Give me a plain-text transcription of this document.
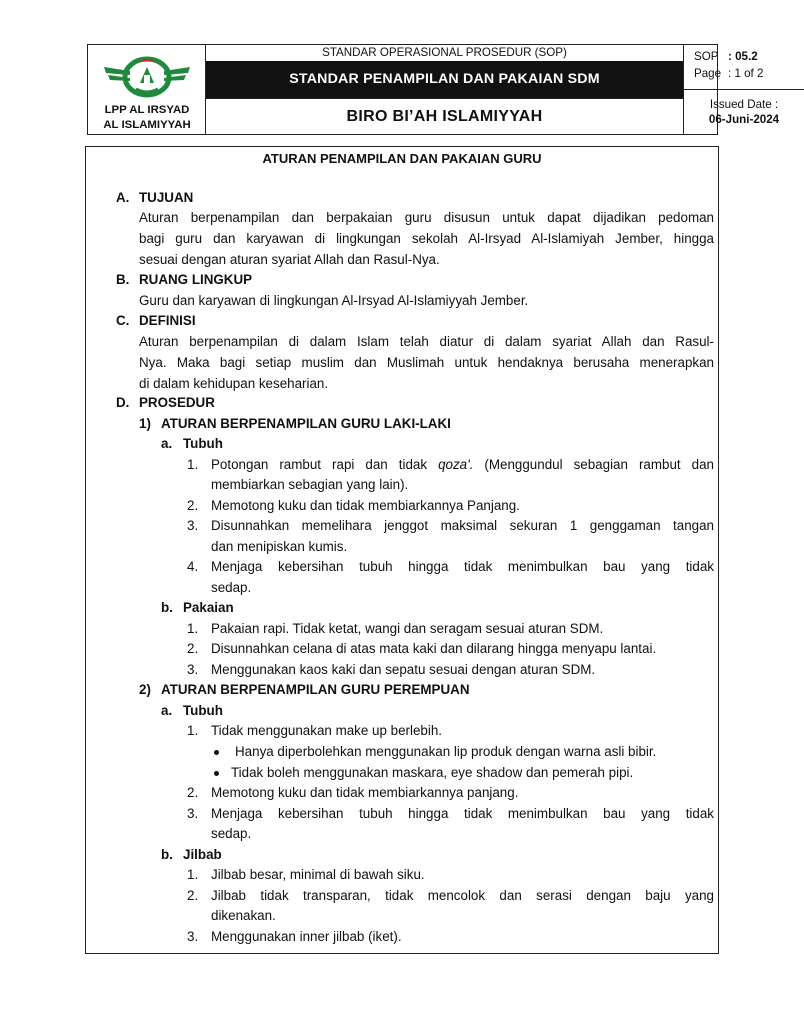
LPP AL IRSYAD
AL ISLAMIYYAH
STANDAR OPERASIONAL PROSEDUR (SOP)
STANDAR PENAMPILAN DAN PAKAIAN SDM
BIRO BI’AH ISLAMIYYAH
SOP : 05.2
Page : 1 of 2
Issued Date :
06-Juni-2024
ATURAN PENAMPILAN DAN PAKAIAN GURU
A. TUJUAN
Aturan berpenampilan dan berpakaian guru disusun untuk dapat dijadikan pedoman
bagi guru dan karyawan di lingkungan sekolah Al-Irsyad Al-Islamiyah Jember, hingga
sesuai dengan aturan syariat Allah dan Rasul-Nya.
B. RUANG LINGKUP
Guru dan karyawan di lingkungan Al-Irsyad Al-Islamiyyah Jember.
C. DEFINISI
Aturan berpenampilan di dalam Islam telah diatur di dalam syariat Allah dan Rasul-
Nya. Maka bagi setiap muslim dan Muslimah untuk hendaknya berusaha menerapkan
di dalam kehidupan keseharian.
D. PROSEDUR
1) ATURAN BERPENAMPILAN GURU LAKI-LAKI
a. Tubuh
1. Potongan rambut rapi dan tidak qoza'. (Menggundul sebagian rambut dan
membiarkan sebagian yang lain).
2. Memotong kuku dan tidak membiarkannya Panjang.
3. Disunnahkan memelihara jenggot maksimal sekuran 1 genggaman tangan
dan menipiskan kumis.
4. Menjaga kebersihan tubuh hingga tidak menimbulkan bau yang tidak
sedap.
b. Pakaian
1. Pakaian rapi. Tidak ketat, wangi dan seragam sesuai aturan SDM.
2. Disunnahkan celana di atas mata kaki dan dilarang hingga menyapu lantai.
3. Menggunakan kaos kaki dan sepatu sesuai dengan aturan SDM.
2) ATURAN BERPENAMPILAN GURU PEREMPUAN
a. Tubuh
1. Tidak menggunakan make up berlebih.
Hanya diperbolehkan menggunakan lip produk dengan warna asli bibir.
Tidak boleh menggunakan maskara, eye shadow dan pemerah pipi.
2. Memotong kuku dan tidak membiarkannya panjang.
3. Menjaga kebersihan tubuh hingga tidak menimbulkan bau yang tidak
sedap.
b. Jilbab
1. Jilbab besar, minimal di bawah siku.
2. Jilbab tidak transparan, tidak mencolok dan serasi dengan baju yang
dikenakan.
3. Menggunakan inner jilbab (iket).
